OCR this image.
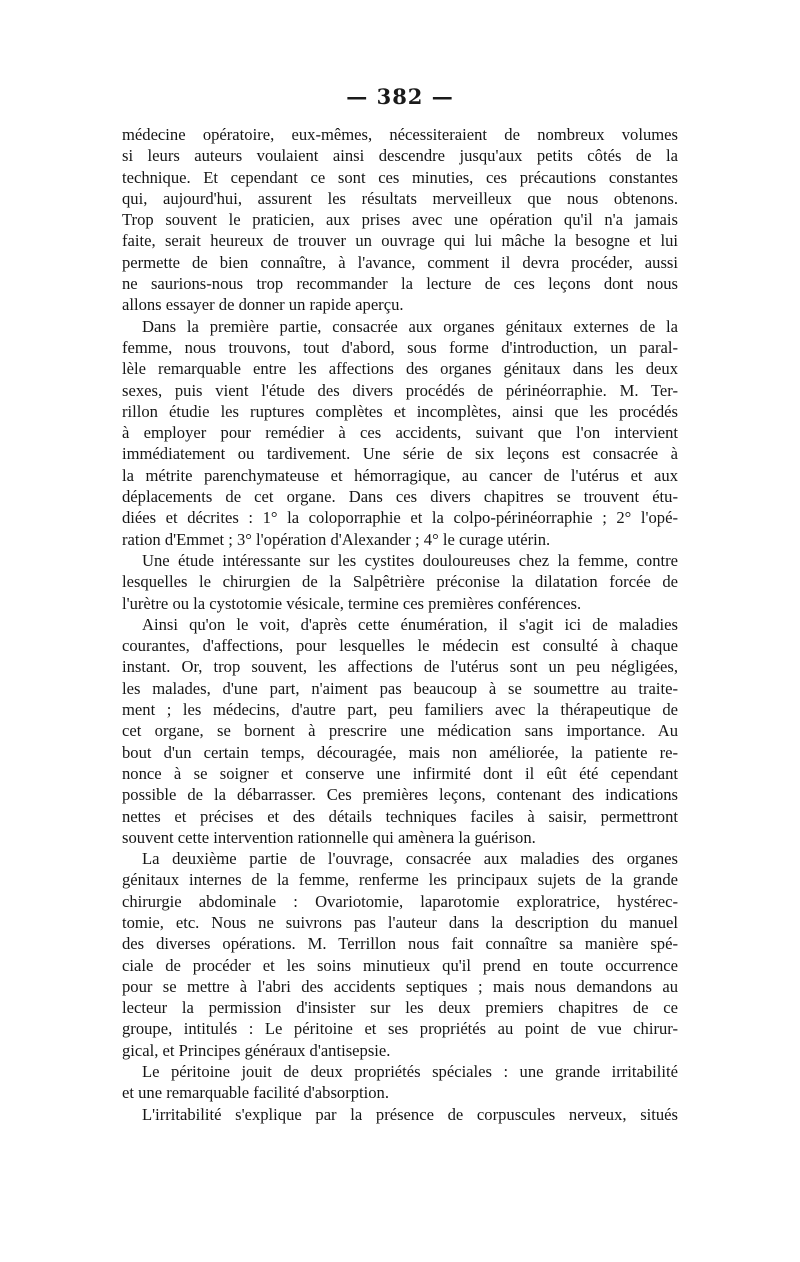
— 382 —
médecine opératoire, eux-mêmes, nécessiteraient de nombreux volumes
si leurs auteurs voulaient ainsi descendre jusqu'aux petits côtés de la
technique. Et cependant ce sont ces minuties, ces précautions constantes
qui, aujourd'hui, assurent les résultats merveilleux que nous obtenons.
Trop souvent le praticien, aux prises avec une opération qu'il n'a jamais
faite, serait heureux de trouver un ouvrage qui lui mâche la besogne et lui
permette de bien connaître, à l'avance, comment il devra procéder, aussi
ne saurions-nous trop recommander la lecture de ces leçons dont nous
allons essayer de donner un rapide aperçu.
Dans la première partie, consacrée aux organes génitaux externes de la
femme, nous trouvons, tout d'abord, sous forme d'introduction, un paral-
lèle remarquable entre les affections des organes génitaux dans les deux
sexes, puis vient l'étude des divers procédés de périnéorraphie. M. Ter-
rillon étudie les ruptures complètes et incomplètes, ainsi que les procédés
à employer pour remédier à ces accidents, suivant que l'on intervient
immédiatement ou tardivement. Une série de six leçons est consacrée à
la métrite parenchymateuse et hémorragique, au cancer de l'utérus et aux
déplacements de cet organe. Dans ces divers chapitres se trouvent étu-
diées et décrites : 1° la coloporraphie et la colpo-périnéorraphie ; 2° l'opé-
ration d'Emmet ; 3° l'opération d'Alexander ; 4° le curage utérin.
Une étude intéressante sur les cystites douloureuses chez la femme, contre
lesquelles le chirurgien de la Salpêtrière préconise la dilatation forcée de
l'urètre ou la cystotomie vésicale, termine ces premières conférences.
Ainsi qu'on le voit, d'après cette énumération, il s'agit ici de maladies
courantes, d'affections, pour lesquelles le médecin est consulté à chaque
instant. Or, trop souvent, les affections de l'utérus sont un peu négligées,
les malades, d'une part, n'aiment pas beaucoup à se soumettre au traite-
ment ; les médecins, d'autre part, peu familiers avec la thérapeutique de
cet organe, se bornent à prescrire une médication sans importance. Au
bout d'un certain temps, découragée, mais non améliorée, la patiente re-
nonce à se soigner et conserve une infirmité dont il eût été cependant
possible de la débarrasser. Ces premières leçons, contenant des indications
nettes et précises et des détails techniques faciles à saisir, permettront
souvent cette intervention rationnelle qui amènera la guérison.
La deuxième partie de l'ouvrage, consacrée aux maladies des organes
génitaux internes de la femme, renferme les principaux sujets de la grande
chirurgie abdominale : Ovariotomie, laparotomie exploratrice, hystérec-
tomie, etc. Nous ne suivrons pas l'auteur dans la description du manuel
des diverses opérations. M. Terrillon nous fait connaître sa manière spé-
ciale de procéder et les soins minutieux qu'il prend en toute occurrence
pour se mettre à l'abri des accidents septiques ; mais nous demandons au
lecteur la permission d'insister sur les deux premiers chapitres de ce
groupe, intitulés : Le péritoine et ses propriétés au point de vue chirur-
gical, et Principes généraux d'antisepsie.
Le péritoine jouit de deux propriétés spéciales : une grande irritabilité
et une remarquable facilité d'absorption.
L'irritabilité s'explique par la présence de corpuscules nerveux, situés
